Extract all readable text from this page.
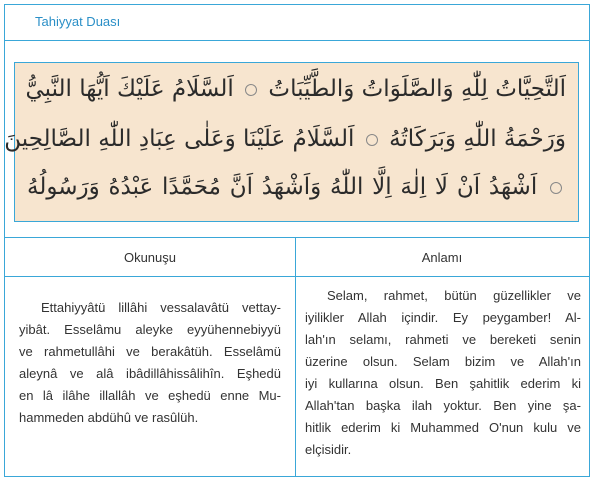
Tahiyyat Duası
اَلتَّحِيَّاتُ لِلّٰهِ وَالصَّلَوَاتُ وَالطَّيِّبَاتُ  اَلسَّلَامُ عَلَيْكَ اَيُّهَا النَّبِيُّ
وَرَحْمَةُ اللّٰهِ وَبَرَكَاتُهُ  اَلسَّلَامُ عَلَيْنَا وَعَلٰى عِبَادِ اللّٰهِ الصَّالِحِينَ
اَشْهَدُ اَنْ لَا اِلٰهَ اِلَّا اللّٰهُ وَاَشْهَدُ اَنَّ مُحَمَّدًا عَبْدُهُ وَرَسُولُهُ
Okunuşu	Anlamı
Ettahiyyâtü lillâhi vessalavâtü vettay-
yibât. Esselâmu aleyke eyyühennebiyyü
ve rahmetullâhi ve berakâtüh. Esselâmü
aleynâ ve alâ ibâdillâhissâlihîn. Eşhedü
en lâ ilâhe illallâh ve eşhedü enne Mu-
hammeden abdühû ve rasûlüh.
Selam, rahmet, bütün güzellikler ve
iyilikler Allah içindir. Ey peygamber! Al-
lah'ın selamı, rahmeti ve bereketi senin
üzerine olsun. Selam bizim ve Allah'ın
iyi kullarına olsun. Ben şahitlik ederim ki
Allah'tan başka ilah yoktur. Ben yine şa-
hitlik ederim ki Muhammed O'nun kulu ve
elçisidir.
